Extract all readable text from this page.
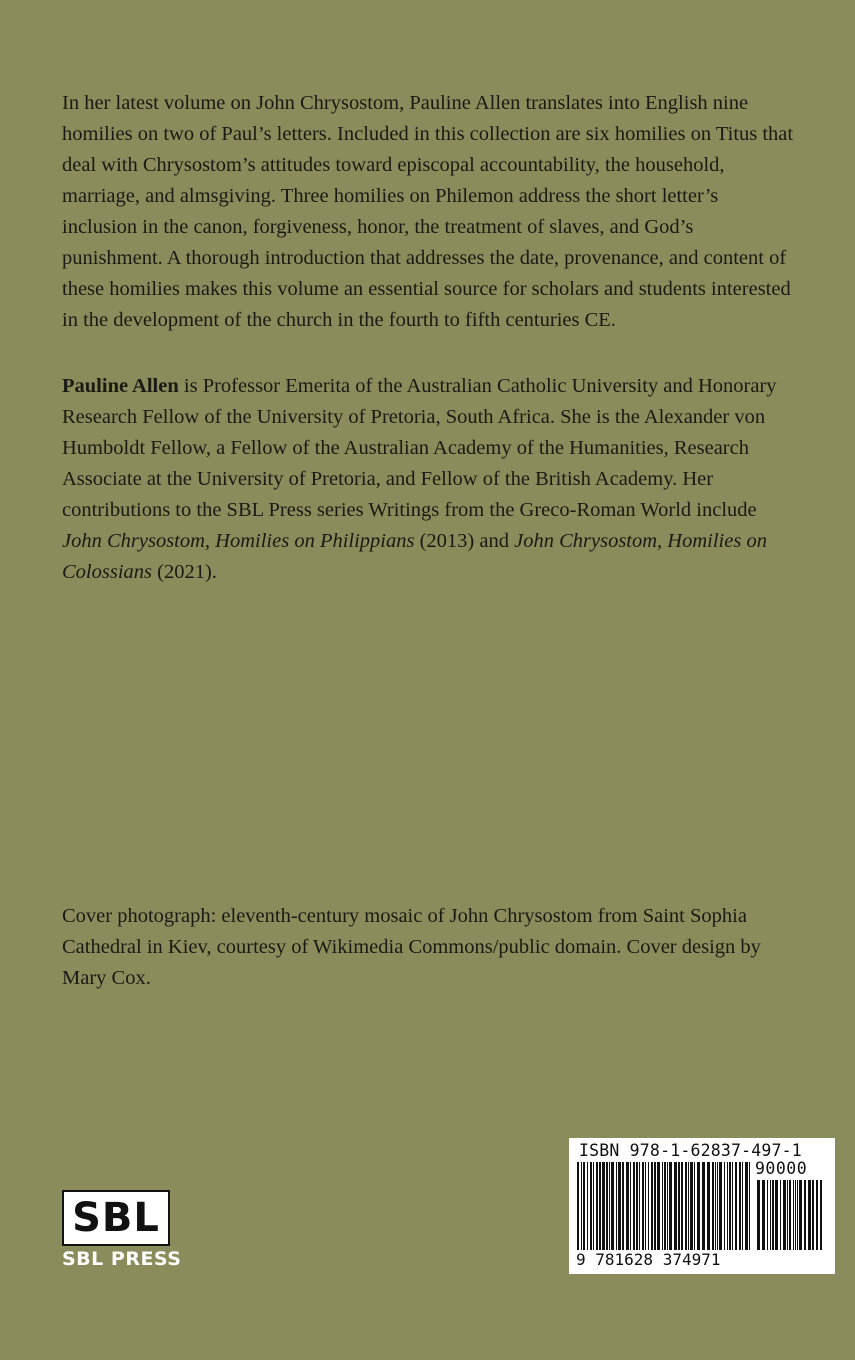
In her latest volume on John Chrysostom, Pauline Allen translates into English nine homilies on two of Paul’s letters. Included in this collection are six homilies on Titus that deal with Chrysostom’s attitudes toward episcopal accountability, the household, marriage, and almsgiving. Three homilies on Philemon address the short letter’s inclusion in the canon, forgiveness, honor, the treatment of slaves, and God’s punishment. A thorough introduction that addresses the date, provenance, and content of these homilies makes this volume an essential source for scholars and students interested in the development of the church in the fourth to fifth centuries CE.

Pauline Allen is Professor Emerita of the Australian Catholic University and Honorary Research Fellow of the University of Pretoria, South Africa. She is the Alexander von Humboldt Fellow, a Fellow of the Australian Academy of the Humanities, Research Associate at the University of Pretoria, and Fellow of the British Academy. Her contributions to the SBL Press series Writings from the Greco-Roman World include John Chrysostom, Homilies on Philippians (2013) and John Chrysostom, Homilies on Colossians (2021).

Cover photograph: eleventh-century mosaic of John Chrysostom from Saint Sophia Cathedral in Kiev, courtesy of Wikimedia Commons/public domain. Cover design by Mary Cox.

SBL
SBL PRESS
ISBN 978-1-62837-497-1
90000
9 781628 374971
